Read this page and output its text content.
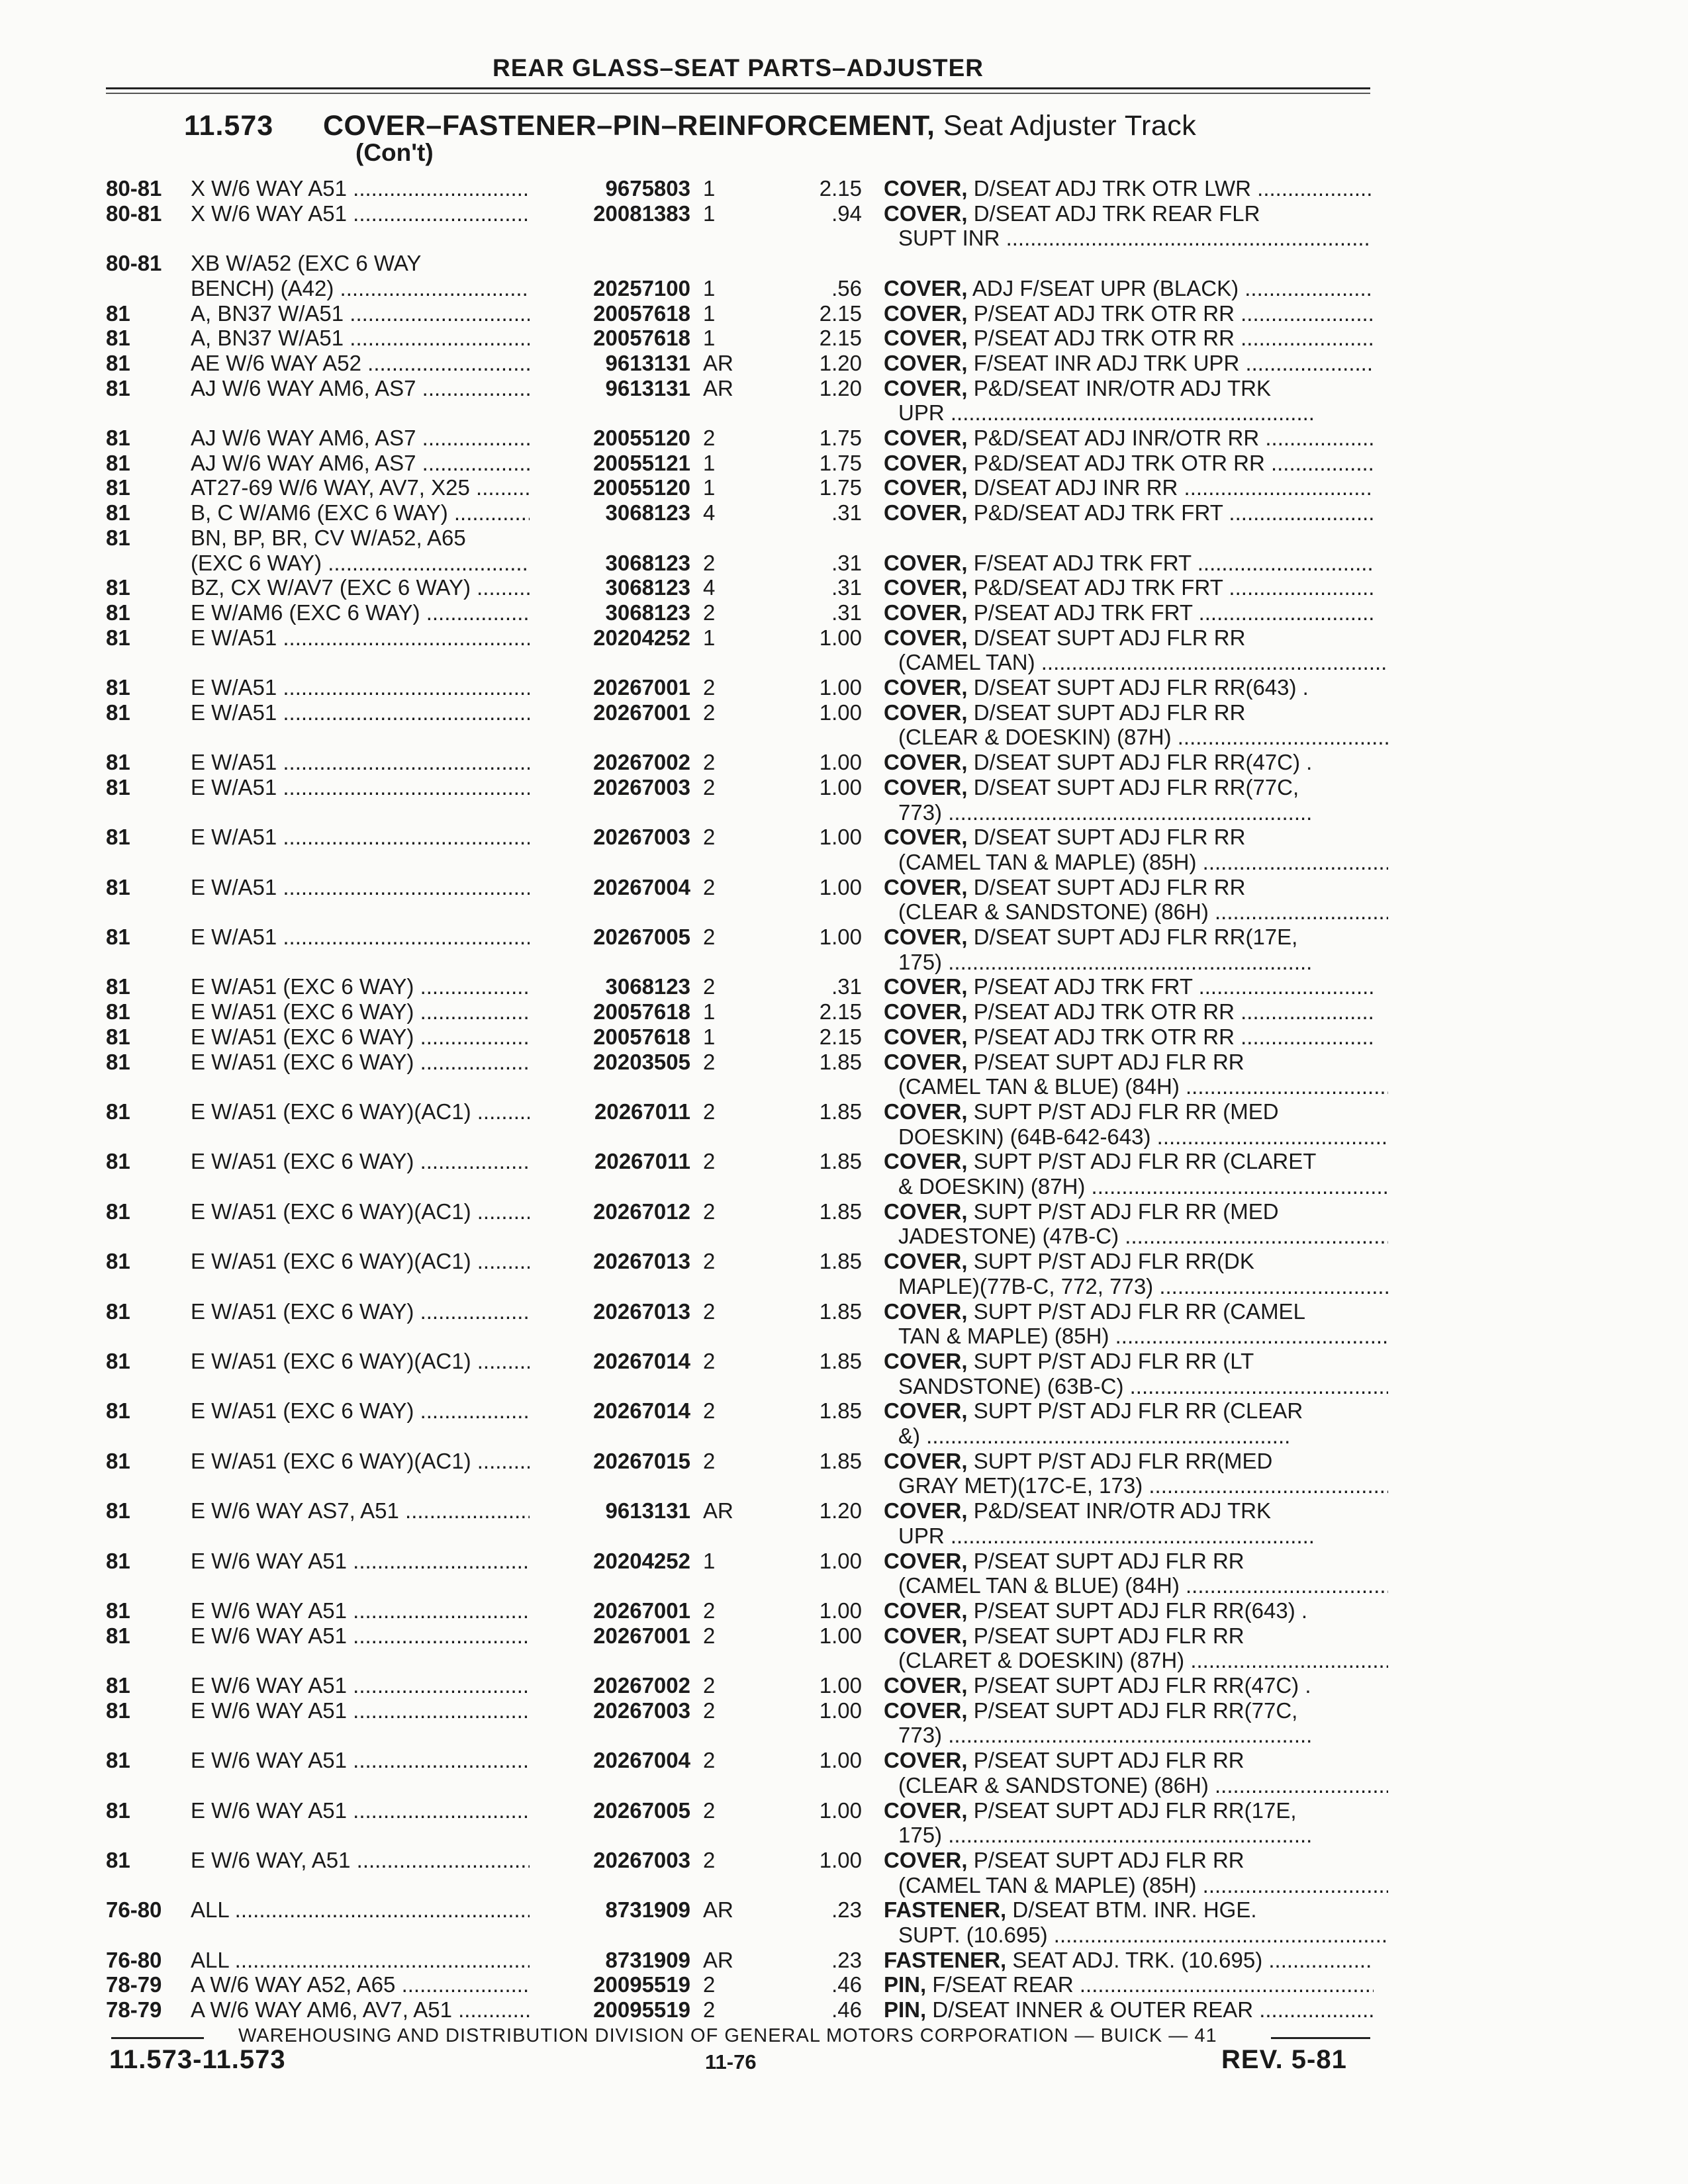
REAR GLASS–SEAT PARTS–ADJUSTER
11.573 COVER–FASTENER–PIN–REINFORCEMENT, Seat Adjuster Track
(Con't)
80-81	X W/6 WAY A51 .....	9675803 1	2.15 COVER, D/SEAT ADJ TRK OTR LWR .....
80-81	X W/6 WAY A51 .....	20081383 1	.94 COVER, D/SEAT ADJ TRK REAR FLR
SUPT INR .....
80-81	XB W/A52 (EXC 6 WAY
BENCH) (A42) .....	20257100 1	.56 COVER, ADJ F/SEAT UPR (BLACK) .....
81	A, BN37 W/A51 .....	20057618 1	2.15 COVER, P/SEAT ADJ TRK OTR RR .....
81	A, BN37 W/A51 .....	20057618 1	2.15 COVER, P/SEAT ADJ TRK OTR RR .....
81	AE W/6 WAY A52 .....	9613131 AR	1.20 COVER, F/SEAT INR ADJ TRK UPR .....
81	AJ W/6 WAY AM6, AS7 .....	9613131 AR	1.20 COVER, P&D/SEAT INR/OTR ADJ TRK
UPR .....
81	AJ W/6 WAY AM6, AS7 .....	20055120 2	1.75 COVER, P&D/SEAT ADJ INR/OTR RR .....
81	AJ W/6 WAY AM6, AS7 .....	20055121 1	1.75 COVER, P&D/SEAT ADJ TRK OTR RR .....
81	AT27-69 W/6 WAY, AV7, X25 .....	20055120 1	1.75 COVER, D/SEAT ADJ INR RR .....
81	B, C W/AM6 (EXC 6 WAY) .....	3068123 4	.31 COVER, P&D/SEAT ADJ TRK FRT .....
81	BN, BP, BR, CV W/A52, A65
(EXC 6 WAY) .....	3068123 2	.31 COVER, F/SEAT ADJ TRK FRT .....
81	BZ, CX W/AV7 (EXC 6 WAY) .....	3068123 4	.31 COVER, P&D/SEAT ADJ TRK FRT .....
81	E W/AM6 (EXC 6 WAY) .....	3068123 2	.31 COVER, P/SEAT ADJ TRK FRT .....
81	E W/A51 .....	20204252 1	1.00 COVER, D/SEAT SUPT ADJ FLR RR
(CAMEL TAN) .....
81	E W/A51 .....	20267001 2	1.00 COVER, D/SEAT SUPT ADJ FLR RR(643) .
81	E W/A51 .....	20267001 2	1.00 COVER, D/SEAT SUPT ADJ FLR RR
(CLEAR & DOESKIN) (87H) .....
81	E W/A51 .....	20267002 2	1.00 COVER, D/SEAT SUPT ADJ FLR RR(47C) .
81	E W/A51 .....	20267003 2	1.00 COVER, D/SEAT SUPT ADJ FLR RR(77C,
773) .....
81	E W/A51 .....	20267003 2	1.00 COVER, D/SEAT SUPT ADJ FLR RR
(CAMEL TAN & MAPLE) (85H) .....
81	E W/A51 .....	20267004 2	1.00 COVER, D/SEAT SUPT ADJ FLR RR
(CLEAR & SANDSTONE) (86H) .....
81	E W/A51 .....	20267005 2	1.00 COVER, D/SEAT SUPT ADJ FLR RR(17E,
175) .....
81	E W/A51 (EXC 6 WAY) .....	3068123 2	.31 COVER, P/SEAT ADJ TRK FRT .....
81	E W/A51 (EXC 6 WAY) .....	20057618 1	2.15 COVER, P/SEAT ADJ TRK OTR RR .....
81	E W/A51 (EXC 6 WAY) .....	20057618 1	2.15 COVER, P/SEAT ADJ TRK OTR RR .....
81	E W/A51 (EXC 6 WAY) .....	20203505 2	1.85 COVER, P/SEAT SUPT ADJ FLR RR
(CAMEL TAN & BLUE) (84H) .....
81	E W/A51 (EXC 6 WAY)(AC1) .....	20267011 2	1.85 COVER, SUPT P/ST ADJ FLR RR (MED
DOESKIN) (64B-642-643) .....
81	E W/A51 (EXC 6 WAY) .....	20267011 2	1.85 COVER, SUPT P/ST ADJ FLR RR (CLARET
& DOESKIN) (87H) .....
81	E W/A51 (EXC 6 WAY)(AC1) .....	20267012 2	1.85 COVER, SUPT P/ST ADJ FLR RR (MED
JADESTONE) (47B-C) .....
81	E W/A51 (EXC 6 WAY)(AC1) .....	20267013 2	1.85 COVER, SUPT P/ST ADJ FLR RR(DK
MAPLE)(77B-C, 772, 773) .....
81	E W/A51 (EXC 6 WAY) .....	20267013 2	1.85 COVER, SUPT P/ST ADJ FLR RR (CAMEL
TAN & MAPLE) (85H) .....
81	E W/A51 (EXC 6 WAY)(AC1) .....	20267014 2	1.85 COVER, SUPT P/ST ADJ FLR RR (LT
SANDSTONE) (63B-C) .....
81	E W/A51 (EXC 6 WAY) .....	20267014 2	1.85 COVER, SUPT P/ST ADJ FLR RR (CLEAR
&) .....
81	E W/A51 (EXC 6 WAY)(AC1) .....	20267015 2	1.85 COVER, SUPT P/ST ADJ FLR RR(MED
GRAY MET)(17C-E, 173) .....
81	E W/6 WAY AS7, A51 .....	9613131 AR	1.20 COVER, P&D/SEAT INR/OTR ADJ TRK
UPR .....
81	E W/6 WAY A51 .....	20204252 1	1.00 COVER, P/SEAT SUPT ADJ FLR RR
(CAMEL TAN & BLUE) (84H) .....
81	E W/6 WAY A51 .....	20267001 2	1.00 COVER, P/SEAT SUPT ADJ FLR RR(643) .
81	E W/6 WAY A51 .....	20267001 2	1.00 COVER, P/SEAT SUPT ADJ FLR RR
(CLARET & DOESKIN) (87H) .....
81	E W/6 WAY A51 .....	20267002 2	1.00 COVER, P/SEAT SUPT ADJ FLR RR(47C) .
81	E W/6 WAY A51 .....	20267003 2	1.00 COVER, P/SEAT SUPT ADJ FLR RR(77C,
773) .....
81	E W/6 WAY A51 .....	20267004 2	1.00 COVER, P/SEAT SUPT ADJ FLR RR
(CLEAR & SANDSTONE) (86H) .....
81	E W/6 WAY A51 .....	20267005 2	1.00 COVER, P/SEAT SUPT ADJ FLR RR(17E,
175) .....
81	E W/6 WAY, A51 .....	20267003 2	1.00 COVER, P/SEAT SUPT ADJ FLR RR
(CAMEL TAN & MAPLE) (85H) .....
76-80	ALL .....	8731909 AR	.23 FASTENER, D/SEAT BTM. INR. HGE.
SUPT. (10.695) .....
76-80	ALL .....	8731909 AR	.23 FASTENER, SEAT ADJ. TRK. (10.695) .....
78-79	A W/6 WAY A52, A65 .....	20095519 2	.46 PIN, F/SEAT REAR .....
78-79	A W/6 WAY AM6, AV7, A51 .....	20095519 2	.46 PIN, D/SEAT INNER & OUTER REAR .....
WAREHOUSING AND DISTRIBUTION DIVISION OF GENERAL MOTORS CORPORATION — BUICK — 41
11.573-11.573	11-76	REV. 5-81
